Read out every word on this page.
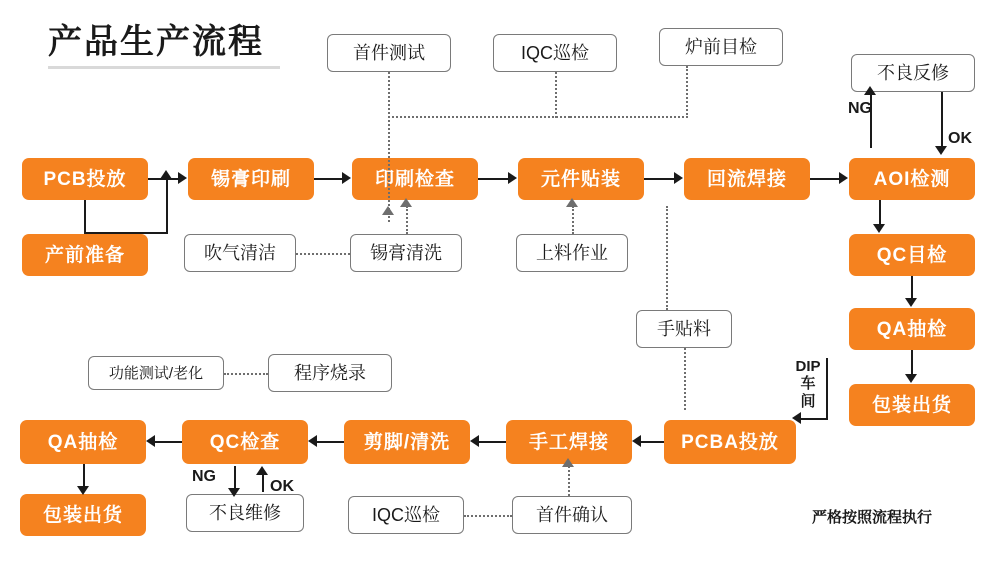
产品生产流程	首件测试	IQC巡检	炉前目检
不良反修
PCB投放	锡膏印刷	印刷检查	元件贴装	回流焊接	AOI检测
产前准备	吹气清洁	锡膏清洗	上料作业
手贴料
QC目检
QA抽检
包装出货
NG
OK
DIP
车
间
功能测试/老化	程序烧录
PCBA投放
手工焊接
剪脚/清洗
QC检查
QA抽检
首件确认
IQC巡检
不良维修
包装出货
NG
OK
严格按照流程执行
